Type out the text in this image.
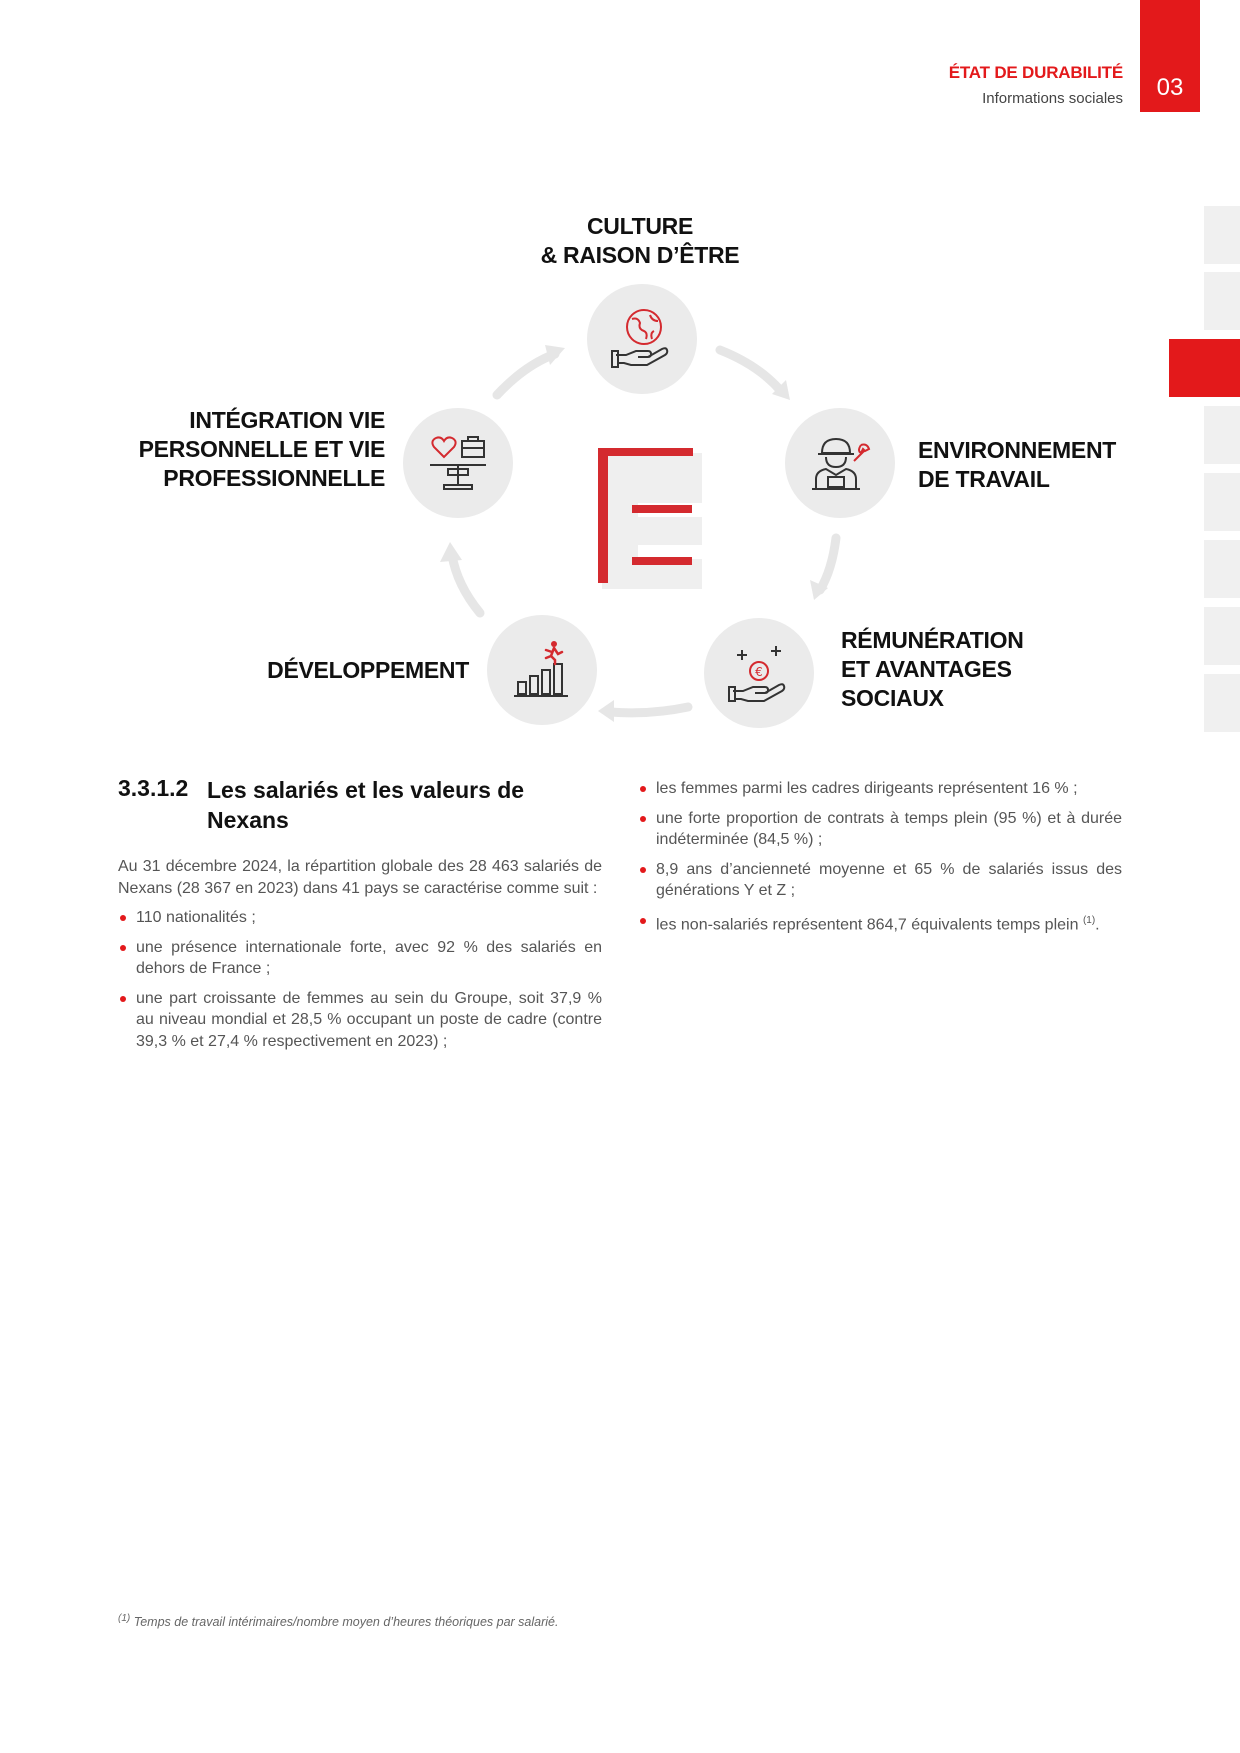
ÉTAT DE DURABILITÉ
Informations sociales 03
€
CULTURE
& RAISON D’ÊTRE
ENVIRONNEMENT
DE TRAVAIL
RÉMUNÉRATION
ET AVANTAGES
SOCIAUX
DÉVELOPPEMENT
INTÉGRATION VIE
PERSONNELLE ET VIE
PROFESSIONNELLE
3.3.1.2 Les salariés et les valeurs de Nexans
Au 31 décembre 2024, la répartition globale des 28 463 salariés de Nexans (28 367 en 2023) dans 41 pays se caractérise comme suit :
110 nationalités ;
une présence internationale forte, avec 92 % des salariés en dehors de France ;
une part croissante de femmes au sein du Groupe, soit 37,9 % au niveau mondial et 28,5 % occupant un poste de cadre (contre 39,3 % et 27,4 % respectivement en 2023) ;
les femmes parmi les cadres dirigeants représentent 16 % ;
une forte proportion de contrats à temps plein (95 %) et à durée indéterminée (84,5 %) ;
8,9 ans d’ancienneté moyenne et 65 % de salariés issus des générations Y et Z ;
les non-salariés représentent 864,7 équivalents temps plein $^{(1)}$.
$^{(1)}$ Temps de travail intérimaires/nombre moyen d’heures théoriques par salarié.
